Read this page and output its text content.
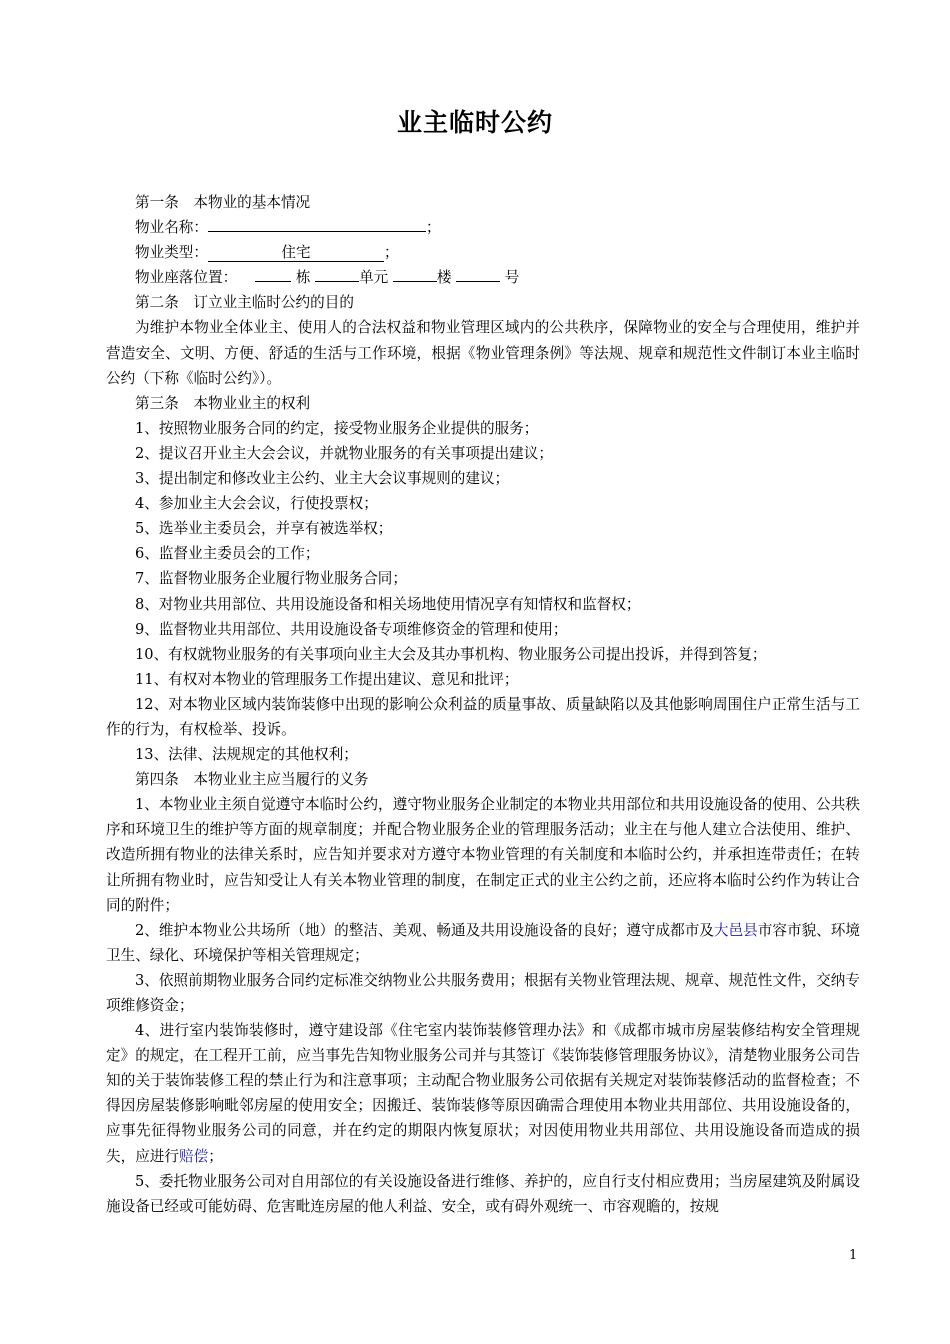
业主临时公约

第一条　本物业的基本情况

物业名称：	；

物业类型：	住宅	；

物业座落位置：	栋	单元	楼	号

第二条　订立业主临时公约的目的

为维护本物业全体业主、使用人的合法权益和物业管理区域内的公共秩序，保障物业的安全与合理使用，维护并营造安全、文明、方便、舒适的生活与工作环境，根据《物业管理条例》等法规、规章和规范性文件制订本业主临时公约（下称《临时公约》）。

第三条　本物业业主的权利

1、按照物业服务合同的约定，接受物业服务企业提供的服务；

2、提议召开业主大会会议，并就物业服务的有关事项提出建议；

3、提出制定和修改业主公约、业主大会议事规则的建议；

4、参加业主大会会议，行使投票权；

5、选举业主委员会，并享有被选举权；

6、监督业主委员会的工作；

7、监督物业服务企业履行物业服务合同；

8、对物业共用部位、共用设施设备和相关场地使用情况享有知情权和监督权；

9、监督物业共用部位、共用设施设备专项维修资金的管理和使用；

10、有权就物业服务的有关事项向业主大会及其办事机构、物业服务公司提出投诉，并得到答复；

11、有权对本物业的管理服务工作提出建议、意见和批评；

12、对本物业区域内装饰装修中出现的影响公众利益的质量事故、质量缺陷以及其他影响周围住户正常生活与工作的行为，有权检举、投诉。

13、法律、法规规定的其他权利；

第四条　本物业业主应当履行的义务

1、本物业业主须自觉遵守本临时公约，遵守物业服务企业制定的本物业共用部位和共用设施设备的使用、公共秩序和环境卫生的维护等方面的规章制度；并配合物业服务企业的管理服务活动；业主在与他人建立合法使用、维护、改造所拥有物业的法律关系时，应告知并要求对方遵守本物业管理的有关制度和本临时公约，并承担连带责任；在转让所拥有物业时，应告知受让人有关本物业管理的制度，在制定正式的业主公约之前，还应将本临时公约作为转让合同的附件；

2、维护本物业公共场所（地）的整洁、美观、畅通及共用设施设备的良好；遵守成都市及大邑县市容市貌、环境卫生、绿化、环境保护等相关管理规定；

3、依照前期物业服务合同约定标准交纳物业公共服务费用；根据有关物业管理法规、规章、规范性文件，交纳专项维修资金；

4、进行室内装饰装修时，遵守建设部《住宅室内装饰装修管理办法》和《成都市城市房屋装修结构安全管理规定》的规定，在工程开工前，应当事先告知物业服务公司并与其签订《装饰装修管理服务协议》，清楚物业服务公司告知的关于装饰装修工程的禁止行为和注意事项；主动配合物业服务公司依据有关规定对装饰装修活动的监督检查；不得因房屋装修影响毗邻房屋的使用安全；因搬迁、装饰装修等原因确需合理使用本物业共用部位、共用设施设备的，应事先征得物业服务公司的同意，并在约定的期限内恢复原状；对因使用物业共用部位、共用设施设备而造成的损失，应进行赔偿；

5、委托物业服务公司对自用部位的有关设施设备进行维修、养护的，应自行支付相应费用；当房屋建筑及附属设施设备已经或可能妨碍、危害毗连房屋的他人利益、安全，或有碍外观统一、市容观瞻的，按规

1
